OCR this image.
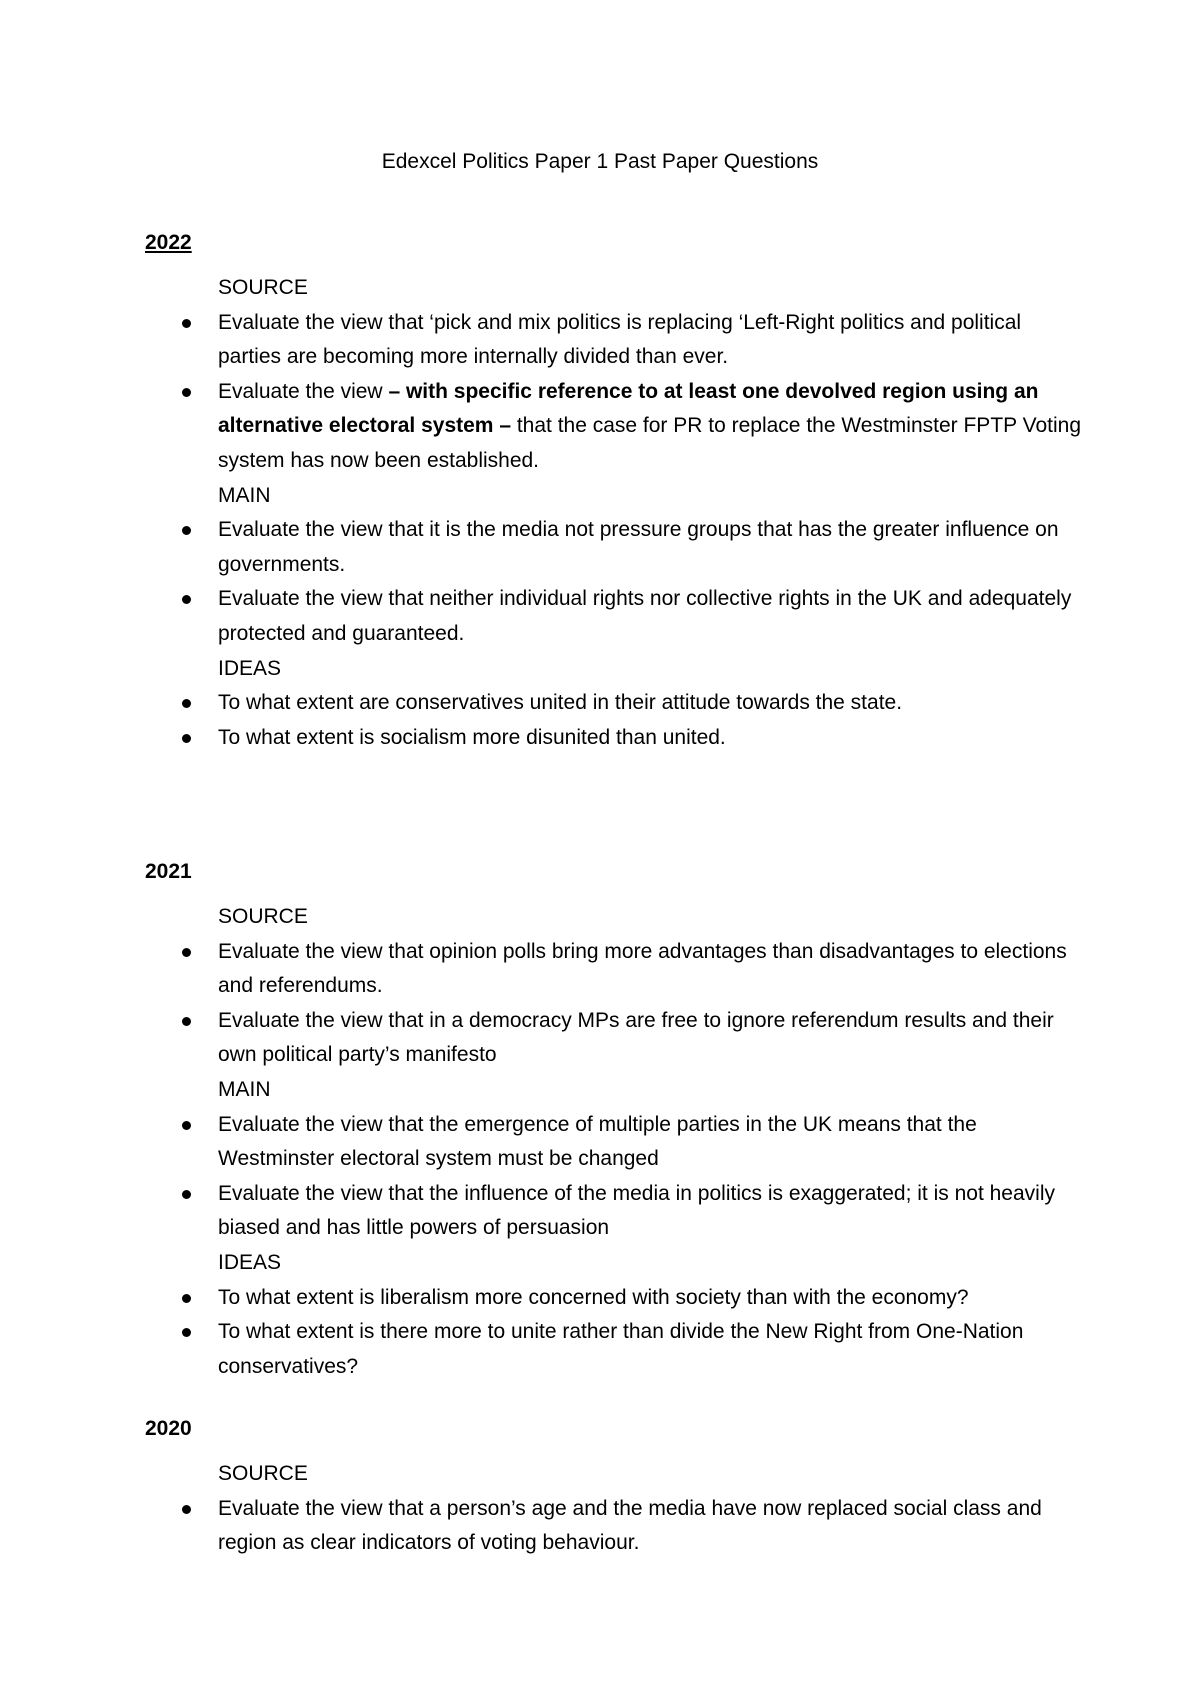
Edexcel Politics Paper 1 Past Paper Questions
2022
SOURCE
Evaluate the view that ‘pick and mix politics is replacing ‘Left-Right politics and political parties are becoming more internally divided than ever.
Evaluate the view – with specific reference to at least one devolved region using an alternative electoral system – that the case for PR to replace the Westminster FPTP Voting system has now been established.
MAIN
Evaluate the view that it is the media not pressure groups that has the greater influence on governments.
Evaluate the view that neither individual rights nor collective rights in the UK and adequately protected and guaranteed.
IDEAS
To what extent are conservatives united in their attitude towards the state.
To what extent is socialism more disunited than united.
2021
SOURCE
Evaluate the view that opinion polls bring more advantages than disadvantages to elections and referendums.
Evaluate the view that in a democracy MPs are free to ignore referendum results and their own political party’s manifesto
MAIN
Evaluate the view that the emergence of multiple parties in the UK means that the Westminster electoral system must be changed
Evaluate the view that the influence of the media in politics is exaggerated; it is not heavily biased and has little powers of persuasion
IDEAS
To what extent is liberalism more concerned with society than with the economy?
To what extent is there more to unite rather than divide the New Right from One-Nation conservatives?
2020
SOURCE
Evaluate the view that a person’s age and the media have now replaced social class and region as clear indicators of voting behaviour.
